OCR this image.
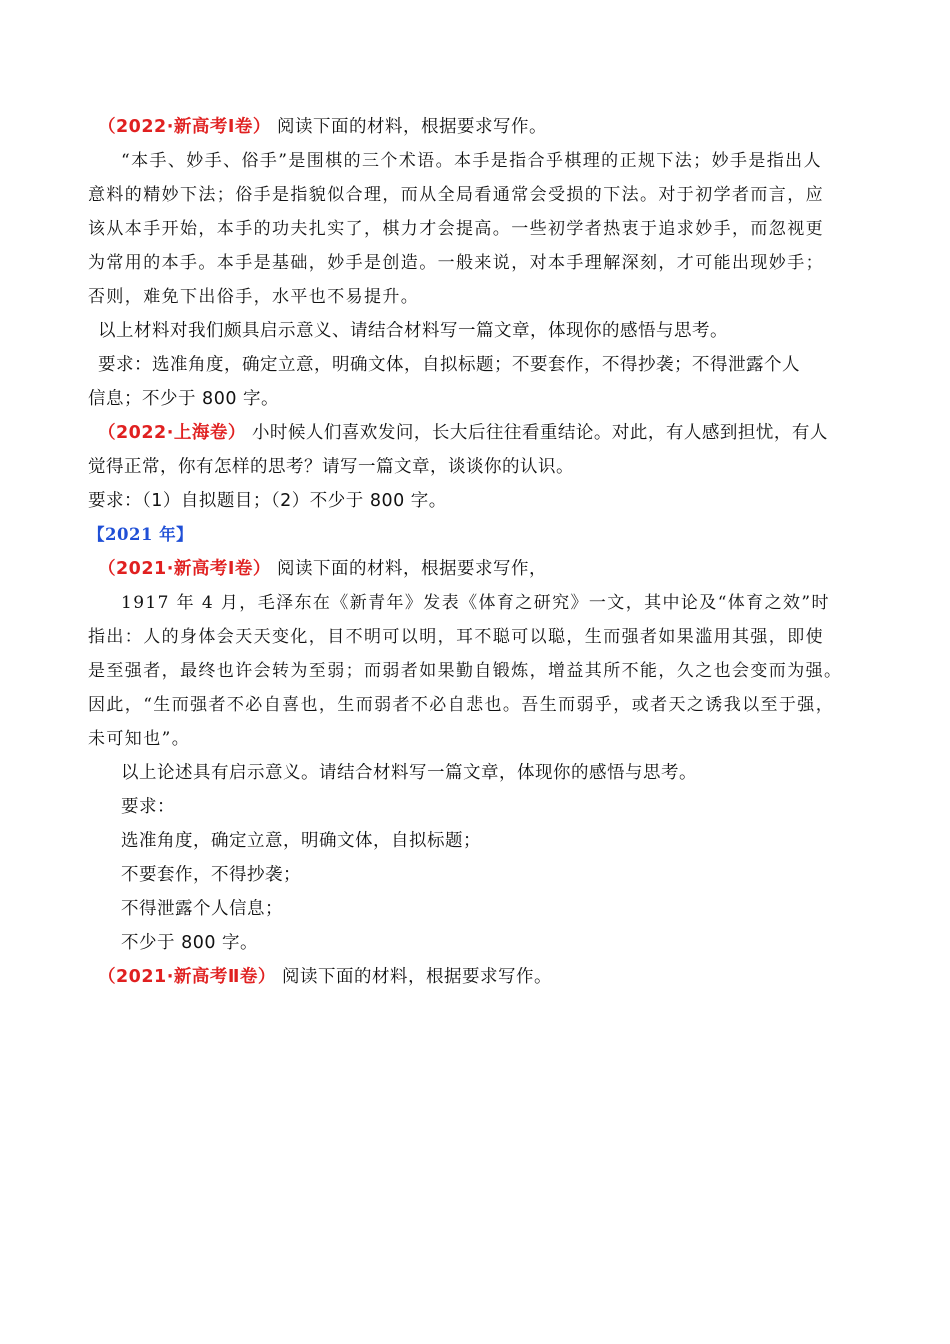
（2022·新高考Ⅰ卷） 阅读下面的材料，根据要求写作。
“本手、妙手、俗手”是围棋的三个术语。本手是指合乎棋理的正规下法；妙手是指出人
意料的精妙下法；俗手是指貌似合理，而从全局看通常会受损的下法。对于初学者而言，应
该从本手开始，本手的功夫扎实了，棋力才会提高。一些初学者热衷于追求妙手，而忽视更
为常用的本手。本手是基础，妙手是创造。一般来说，对本手理解深刻，才可能出现妙手；
否则，难免下出俗手，水平也不易提升。
以上材料对我们颇具启示意义、请结合材料写一篇文章，体现你的感悟与思考。
要求：选准角度，确定立意，明确文体，自拟标题；不要套作，不得抄袭；不得泄露个人
信息；不少于 800 字。
（2022·上海卷） 小时候人们喜欢发问，长大后往往看重结论。对此，有人感到担忧，有人
觉得正常，你有怎样的思考？请写一篇文章，谈谈你的认识。
要求：（1）自拟题目；（2）不少于 800 字。
【2021 年】
（2021·新高考Ⅰ卷） 阅读下面的材料，根据要求写作，
1917 年 4 月，毛泽东在《新青年》发表《体育之研究》一文，其中论及“体育之效”时
指出：人的身体会天天变化，目不明可以明，耳不聪可以聪，生而强者如果滥用其强，即使
是至强者，最终也许会转为至弱；而弱者如果勤自锻炼，增益其所不能，久之也会变而为强。
因此，“生而强者不必自喜也，生而弱者不必自悲也。吾生而弱乎，或者天之诱我以至于强，
未可知也”。
以上论述具有启示意义。请结合材料写一篇文章，体现你的感悟与思考。
要求：
选准角度，确定立意，明确文体，自拟标题；
不要套作，不得抄袭；
不得泄露个人信息；
不少于 800 字。
（2021·新高考Ⅱ卷） 阅读下面的材料，根据要求写作。
